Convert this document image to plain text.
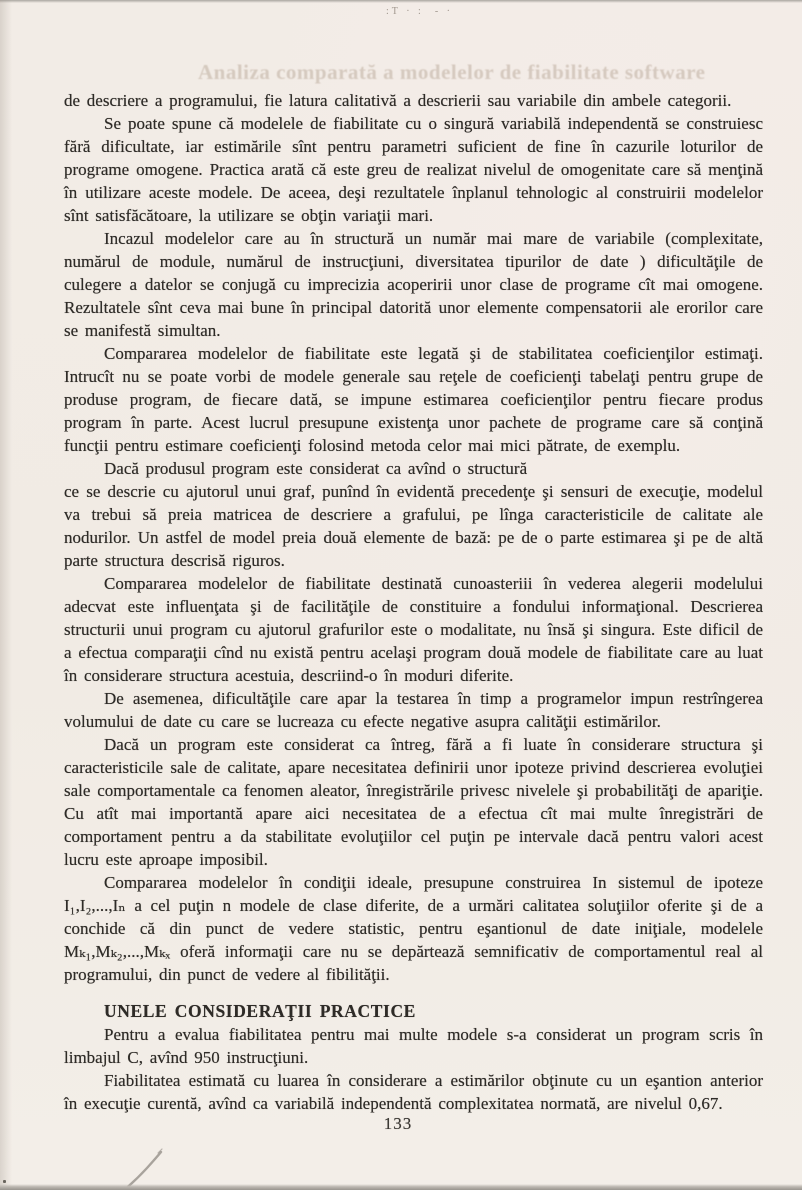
:T · :  - ·
Analiza comparată a modelelor de fiabilitate software

de descriere a programului, fie latura calitativă a descrierii sau variabile din ambele categorii.

Se poate spune că modelele de fiabilitate cu o singură variabilă independentă se construiesc fără dificultate, iar estimările sînt pentru parametri suficient de fine în cazurile loturilor de programe omogene. Practica arată că este greu de realizat nivelul de omogenitate care să menţină în utilizare aceste modele. De aceea, deşi rezultatele înplanul tehnologic al construirii modelelor sînt satisfăcătoare, la utilizare se obţin variaţii mari.

Incazul modelelor care au în structură un număr mai mare de variabile (complexitate, numărul de module, numărul de instrucţiuni, diversitatea tipurilor de date ) dificultăţile de culegere a datelor se conjugă cu imprecizia acoperirii unor clase de programe cît mai omogene. Rezultatele sînt ceva mai bune în principal datorită unor elemente compensatorii ale erorilor care se manifestă simultan.

Compararea modelelor de fiabilitate este legată şi de stabilitatea coeficienţilor estimaţi. Intrucît nu se poate vorbi de modele generale sau reţele de coeficienţi tabelaţi pentru grupe de produse program, de fiecare dată, se impune estimarea coeficienţilor pentru fiecare produs program în parte. Acest lucrul presupune existenţa unor pachete de programe care să conţină funcţii pentru estimare coeficienţi folosind metoda celor mai mici pătrate, de exemplu.

Dacă produsul program este considerat ca avînd o structură

ce se descrie cu ajutorul unui graf, punînd în evidentă precedenţe şi sensuri de execuţie, modelul va trebui să preia matricea de descriere a grafului, pe lînga caracteristicile de calitate ale nodurilor. Un astfel de model preia două elemente de bază: pe de o parte estimarea şi pe de altă parte structura descrisă riguros.

Compararea modelelor de fiabilitate destinată cunoasteriii în vederea alegerii modelului adecvat este influenţata şi de facilităţile de constituire a fondului informaţional. Descrierea structurii unui program cu ajutorul grafurilor este o modalitate, nu însă şi singura. Este dificil de a efectua comparaţii cînd nu există pentru acelaşi program două modele de fiabilitate care au luat în considerare structura acestuia, descriind-o în moduri diferite.

De asemenea, dificultăţile care apar la testarea în timp a programelor impun restrîngerea volumului de date cu care se lucreaza cu efecte negative asupra calităţii estimărilor.

Dacă un program este considerat ca întreg, fără a fi luate în considerare structura şi caracteristicile sale de calitate, apare necesitatea definirii unor ipoteze privind descrierea evoluţiei sale comportamentale ca fenomen aleator, înregistrările privesc nivelele şi probabilităţi de apariţie. Cu atît mai importantă apare aici necesitatea de a efectua cît mai multe înregistrări de comportament pentru a da stabilitate evoluţiilor cel puţin pe intervale dacă pentru valori acest lucru este aproape imposibil.

Compararea modelelor în condiţii ideale, presupune construirea In sistemul de ipoteze I₁,I₂,...,Iₙ a cel puţin n modele de clase diferite, de a urmări calitatea soluţiilor oferite şi de a conchide că din punct de vedere statistic, pentru eşantionul de date iniţiale, modelele Mₖ₁,Mₖ₂,...,Mₖₓ oferă informaţii care nu se depărtează semnificativ de comportamentul real al programului, din punct de vedere al fibilităţii.

UNELE CONSIDERAŢII PRACTICE

Pentru a evalua fiabilitatea pentru mai multe modele s-a considerat un program scris în limbajul C, avînd 950 instrucţiuni.

Fiabilitatea estimată cu luarea în considerare a estimărilor obţinute cu un eşantion anterior în execuţie curentă, avînd ca variabilă independentă complexitatea normată, are nivelul 0,67.

133
